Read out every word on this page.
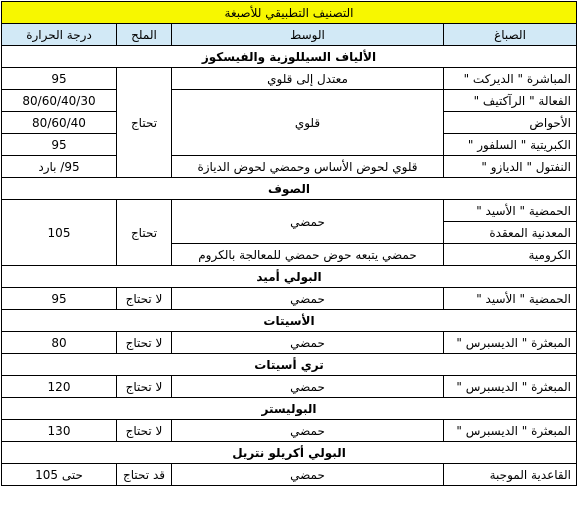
التصنيف التطبيقي للأصبغة			
الصباغ	الوسط	الملح	درجة الحرارة
الألياف السيللوزية والفيسكوز			
المباشرة " الديركت "	معتدل إلى قلوي	تحتاج	95
الفعالة " الرآكتيف "	قلوي		80/60/40/30
الأحواض			80/60/40
الكبريتية " السلفور "			95
النفتول " الديازو "	قلوي لحوض الأساس وحمضي لحوض الديازة		95/ بارد
الصوف			
الحمضية " الأسيد "	حمضي	تحتاج	105
المعدنية المعقدة			
الكرومية	حمضي يتبعه حوض حمضي للمعالجة بالكروم		
البولي أميد			
الحمضية " الأسيد "	حمضي	لا تحتاج	95
الأسيتات			
المبعثرة " الديسبرس "	حمضي	لا تحتاج	80
تري أسيتات			
المبعثرة " الديسبرس "	حمضي	لا تحتاج	120
البوليستر			
المبعثرة " الديسبرس "	حمضي	لا تحتاج	130
البولي أكريلو نتريل			
القاعدية الموجبة	حمضي	قد تحتاج	حتى 105
